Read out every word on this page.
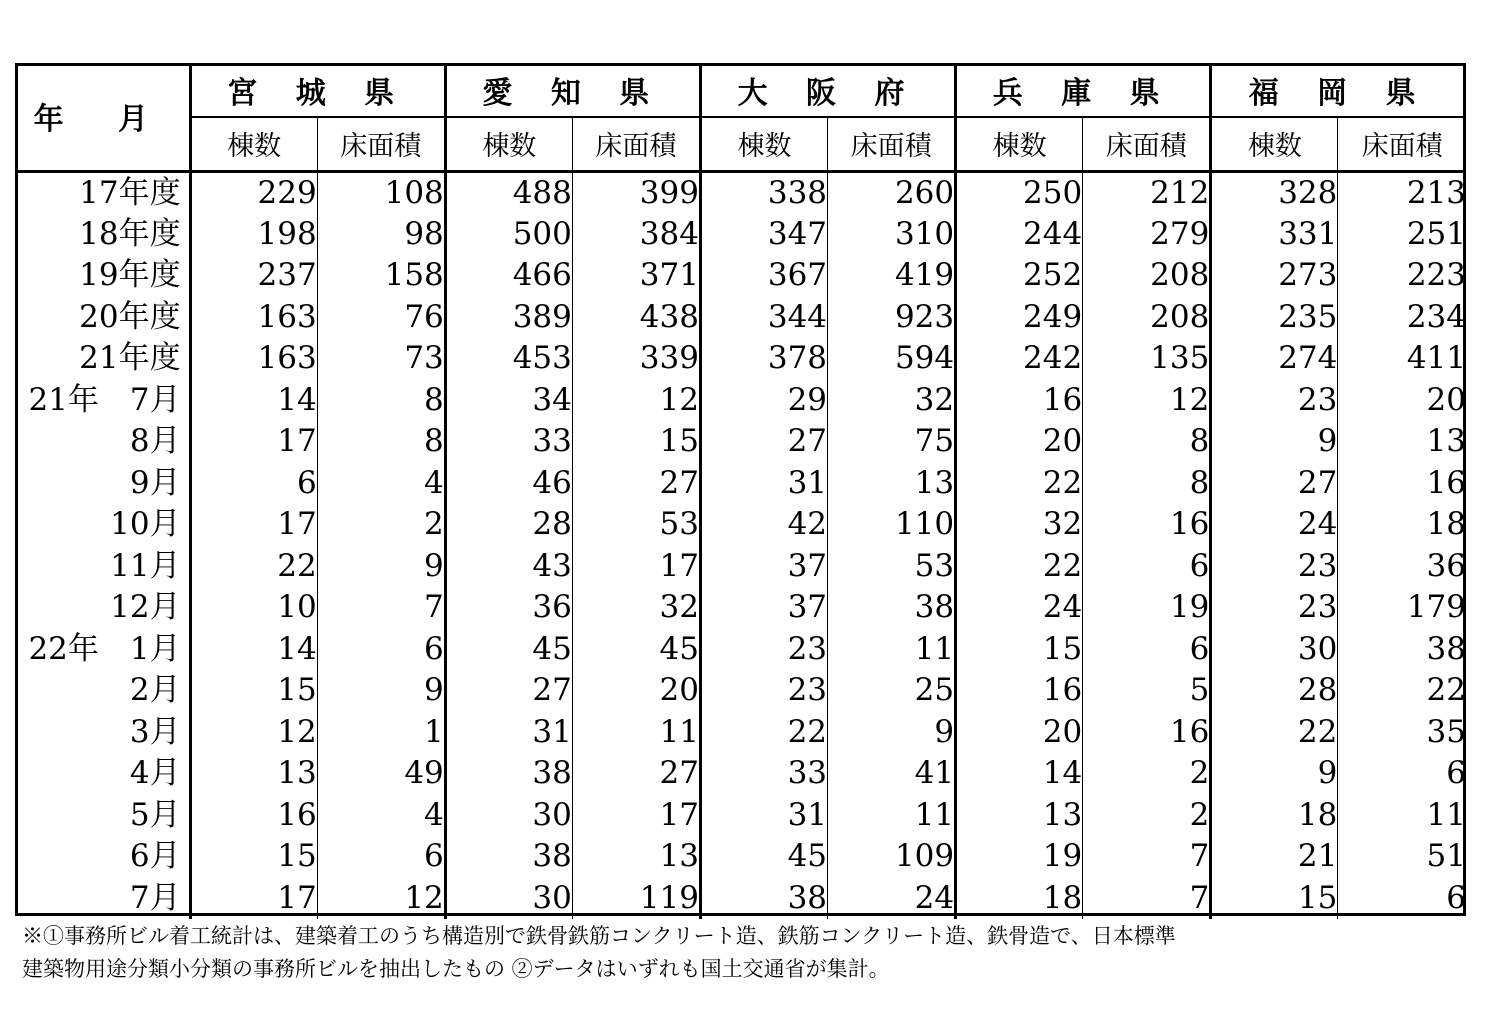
年 月	宮 城 県		愛 知 県		大 阪 府		兵 庫 県		福 岡 県	
	棟数	床面積	棟数	床面積	棟数	床面積	棟数	床面積	棟数	床面積
17年度	229	108	488	399	338	260	250	212	328	213
18年度	198	98	500	384	347	310	244	279	331	251
19年度	237	158	466	371	367	419	252	208	273	223
20年度	163	76	389	438	344	923	249	208	235	234
21年度	163	73	453	339	378	594	242	135	274	411
21年　7月	14	8	34	12	29	32	16	12	23	20
8月	17	8	33	15	27	75	20	8	9	13
9月	6	4	46	27	31	13	22	8	27	16
10月	17	2	28	53	42	110	32	16	24	18
11月	22	9	43	17	37	53	22	6	23	36
12月	10	7	36	32	37	38	24	19	23	179
22年　1月	14	6	45	45	23	11	15	6	30	38
2月	15	9	27	20	23	25	16	5	28	22
3月	12	1	31	11	22	9	20	16	22	35
4月	13	49	38	27	33	41	14	2	9	6
5月	16	4	30	17	31	11	13	2	18	11
6月	15	6	38	13	45	109	19	7	21	51
7月	17	12	30	119	38	24	18	7	15	6
※①事務所ビル着工統計は、建築着工のうち構造別で鉄骨鉄筋コンクリート造、鉄筋コンクリート造、鉄骨造で、日本標準
建築物用途分類小分類の事務所ビルを抽出したもの ②データはいずれも国土交通省が集計。
